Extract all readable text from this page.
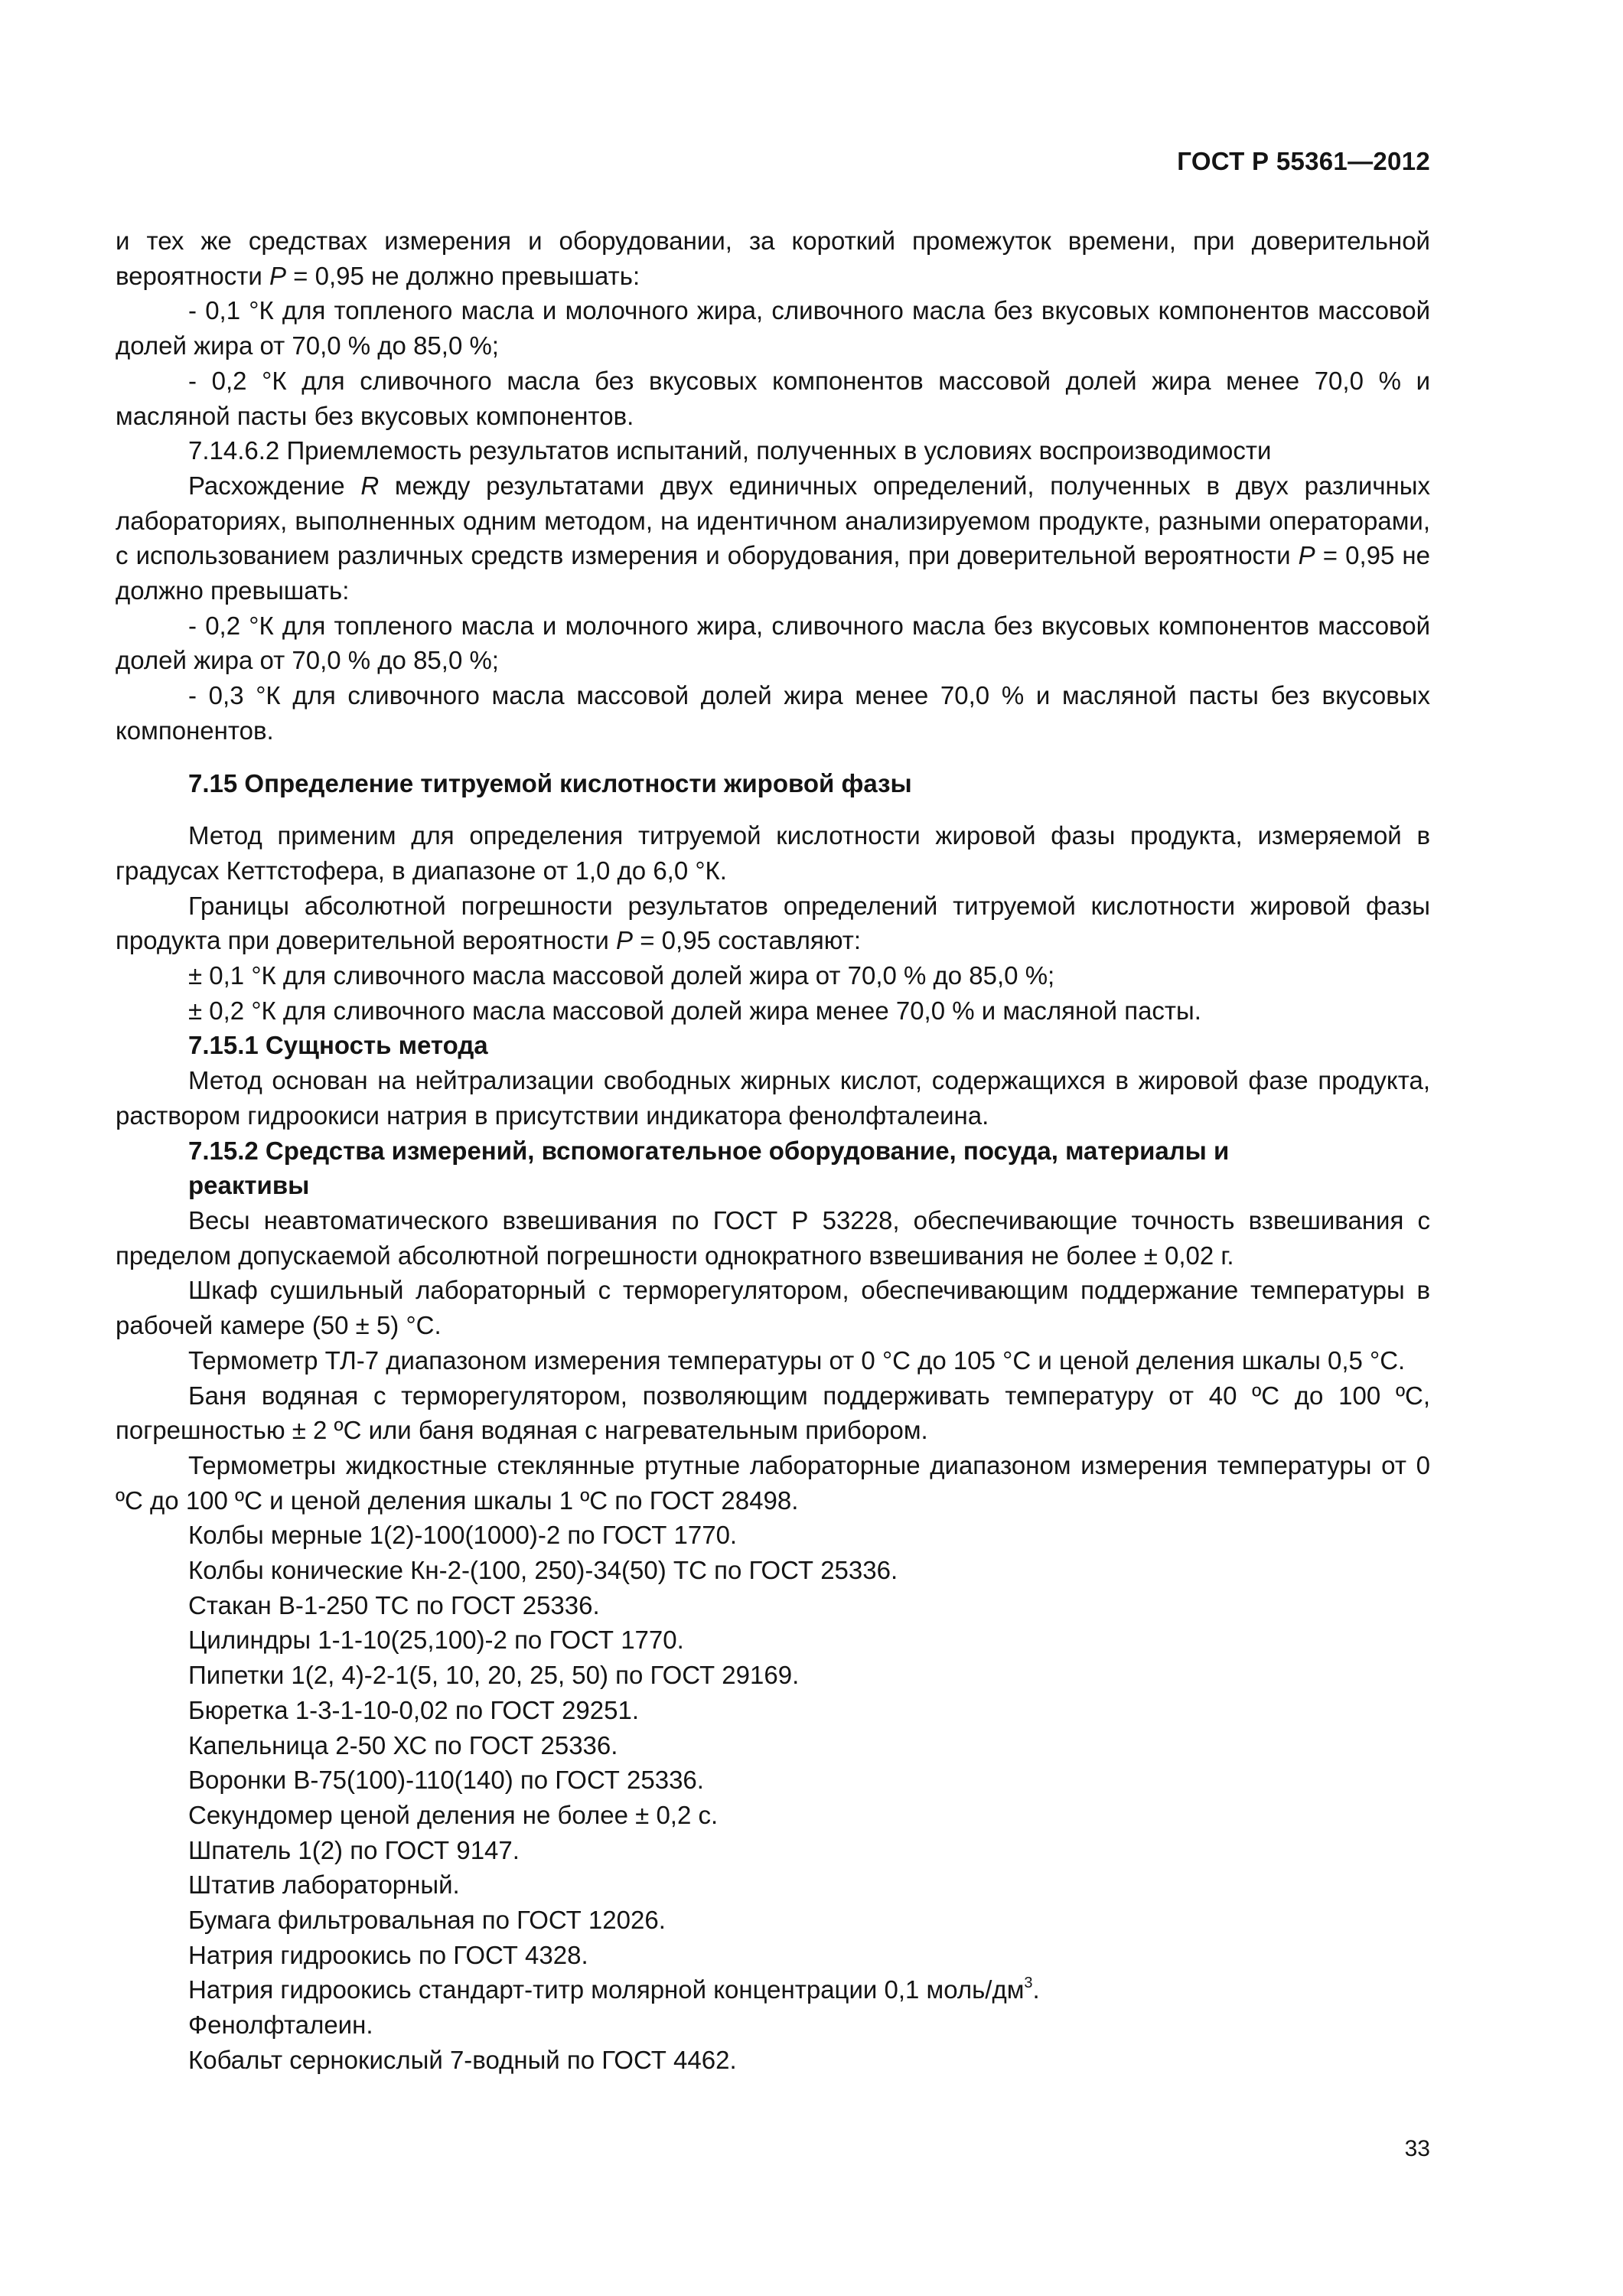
ГОСТ Р 55361—2012

и тех же средствах измерения и оборудовании, за короткий промежуток времени, при доверительной вероятности P = 0,95 не должно превышать:

- 0,1 °К для топленого масла и молочного жира, сливочного масла без вкусовых компонентов массовой долей жира от 70,0 % до 85,0 %;

- 0,2 °К для сливочного масла без вкусовых компонентов массовой долей жира менее 70,0 % и масляной пасты без вкусовых компонентов.

7.14.6.2 Приемлемость результатов испытаний, полученных в условиях воспроизводимости

Расхождение R между результатами двух единичных определений, полученных в двух различных лабораториях, выполненных одним методом, на идентичном анализируемом продукте, разными операторами, с использованием различных средств измерения и оборудования, при доверительной вероятности P = 0,95 не должно превышать:

- 0,2 °К для топленого масла и молочного жира, сливочного масла без вкусовых компонентов массовой долей жира от 70,0 % до 85,0 %;

- 0,3 °К для сливочного масла массовой долей жира менее 70,0 % и масляной пасты без вкусовых компонентов.

7.15 Определение титруемой кислотности жировой фазы

Метод применим для определения титруемой кислотности жировой фазы продукта, измеряемой в градусах Кеттстофера, в диапазоне от 1,0 до 6,0 °К.

Границы абсолютной погрешности результатов определений титруемой кислотности жировой фазы продукта при доверительной вероятности P = 0,95 составляют:

± 0,1 °К для сливочного масла массовой долей жира от 70,0 % до 85,0 %;

± 0,2 °К для сливочного масла массовой долей жира менее 70,0 % и масляной пасты.

7.15.1 Сущность метода

Метод основан на нейтрализации свободных жирных кислот, содержащихся в жировой фазе продукта, раствором гидроокиси натрия в присутствии индикатора фенолфталеина.

7.15.2 Средства измерений, вспомогательное оборудование, посуда, материалы и реактивы

Весы неавтоматического взвешивания по ГОСТ Р 53228, обеспечивающие точность взвешивания с пределом допускаемой абсолютной погрешности однократного взвешивания не более ± 0,02 г.

Шкаф сушильный лабораторный с терморегулятором, обеспечивающим поддержание температуры в рабочей камере (50 ± 5) °С.

Термометр ТЛ-7 диапазоном измерения температуры от 0 °С до 105 °С и ценой деления шкалы 0,5 °С.

Баня водяная с терморегулятором, позволяющим поддерживать температуру от 40 ºС до 100 ºС, погрешностью ± 2 ºС или баня водяная с нагревательным прибором.

Термометры жидкостные стеклянные ртутные лабораторные диапазоном измерения температуры от 0 ºС до 100 ºС и ценой деления шкалы 1 ºС по ГОСТ 28498.

Колбы мерные 1(2)-100(1000)-2 по ГОСТ 1770.

Колбы конические Кн-2-(100, 250)-34(50) ТС по ГОСТ 25336.

Стакан В-1-250 ТС по ГОСТ 25336.

Цилиндры 1-1-10(25,100)-2 по ГОСТ 1770.

Пипетки 1(2, 4)-2-1(5, 10, 20, 25, 50) по ГОСТ 29169.

Бюретка 1-3-1-10-0,02 по ГОСТ 29251.

Капельница 2-50 ХС по ГОСТ 25336.

Воронки В-75(100)-110(140) по ГОСТ 25336.

Секундомер ценой деления не более ± 0,2 с.

Шпатель 1(2) по ГОСТ 9147.

Штатив лабораторный.

Бумага фильтровальная по ГОСТ 12026.

Натрия гидроокись по ГОСТ 4328.

Натрия гидроокись стандарт-титр молярной концентрации 0,1 моль/$дм^3$.

Фенолфталеин.

Кобальт сернокислый 7-водный по ГОСТ 4462.

33
